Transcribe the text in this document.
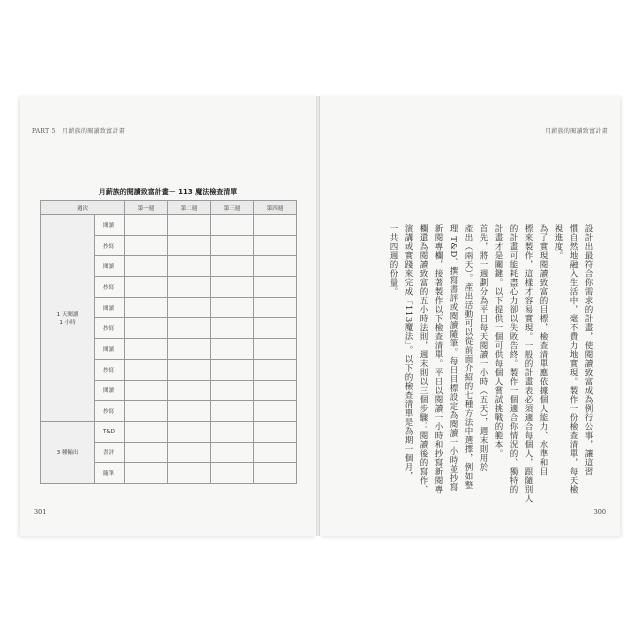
PART 5　月薪族的閱讀致富計畫
月薪族的閱讀致富計畫－ 113 魔法檢查清單
週次		第一週	第二週	第三週	第四週

1 天閱讀
1 小時	閱讀				
	抄寫				
	閱讀				
	抄寫				
	閱讀				
	抄寫				
	閱讀				
	抄寫				
	閱讀				
	抄寫				

3 種輸出	T&D				
	書評				
	隨筆				
301
月薪族的閱讀致富計畫
設計出最符合你需求的計畫，使閱讀致富成為例行公事，讓這習
慣自然地融入生活中，毫不費力地實現。製作一份檢查清單，每天檢
視進度。
為了實現閱讀致富的目標，檢查清單應依據個人能力、水準和目
標來製作，這樣才容易實現。一般的計畫表必須適合每個人，跟隨別人
的計畫可能耗盡心力卻以失敗告終。製作一個適合你情況的、獨特的
計畫才是關鍵。以下提供一個可供每個人嘗試挑戰的範本。
首先，將一週劃分為平日每天閱讀一小時（五天），週末則用於
產出（兩天）。產出活動可以從前面介紹的七種方法中選擇，例如整
理 T&D、撰寫書評或閱讀隨筆。每日目標設定為閱讀一小時並抄寫
新閱專欄，接著製作以下檢查清單。平日以閱讀一小時和抄寫新閱專
欄還為閱讀致富的五小時法則，週末則以三個步驟：閱讀後的寫作、
演講或實踐來完成「113魔法」。以下的檢查清單是為期一個月，
一共四週的份量。
300
